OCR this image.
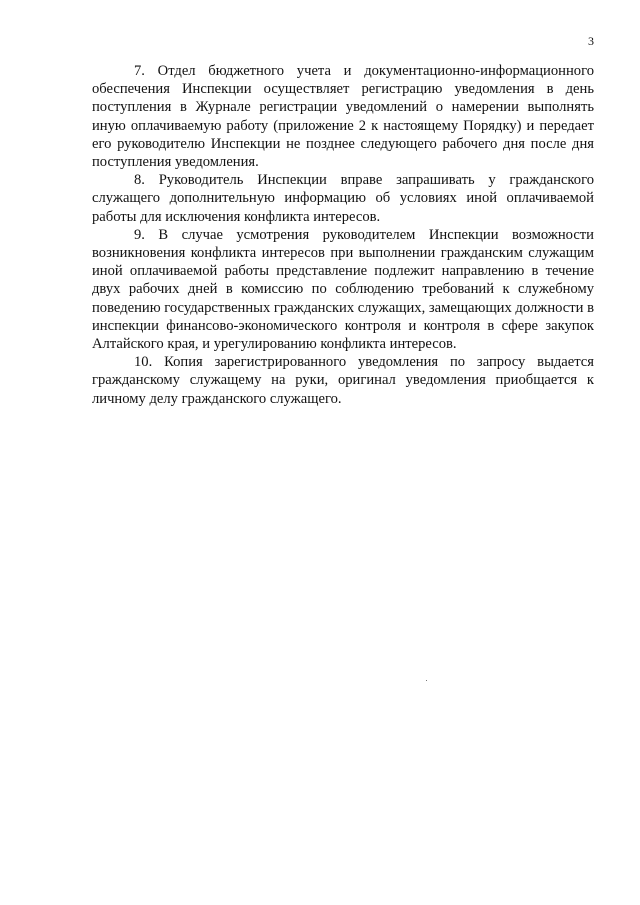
3

7. Отдел бюджетного учета и документационно-информационного обеспечения Инспекции осуществляет регистрацию уведомления в день поступления в Журнале регистрации уведомлений о намерении выполнять иную оплачиваемую работу (приложение 2 к настоящему Порядку) и передает его руководителю Инспекции не позднее следующего рабочего дня после дня поступления уведомления.

8. Руководитель Инспекции вправе запрашивать у гражданского служащего дополнительную информацию об условиях иной оплачиваемой работы для исключения конфликта интересов.

9. В случае усмотрения руководителем Инспекции возможности возникновения конфликта интересов при выполнении гражданским служащим иной оплачиваемой работы представление подлежит направлению в течение двух рабочих дней в комиссию по соблюдению требований к служебному поведению государственных гражданских служащих, замещающих должности в инспекции финансово-экономического контроля и контроля в сфере закупок Алтайского края, и урегулированию конфликта интересов.

10. Копия зарегистрированного уведомления по запросу выдается гражданскому служащему на руки, оригинал уведомления приобщается к личному делу гражданского служащего.
